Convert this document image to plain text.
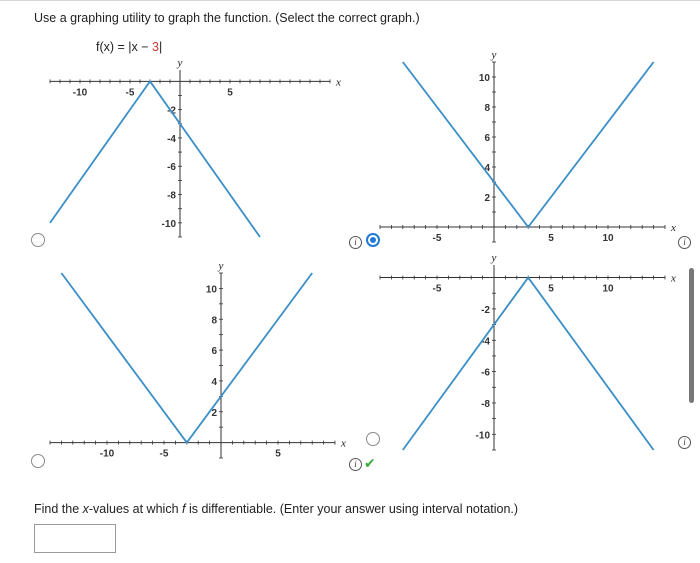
Use a graphing utility to graph the function. (Select the correct graph.)
f(x) = |x − 3|
-10	-5	5
-2
-4
-6
-8
-10
x
y
i	-5	5	10
2
4
6
8
10
x
y
i
-10	-5	5
2
4
6
8
10
x
y
i ✔
-5	5	10
-2
-4
-6
-8
-10
x
y
i
Find the x-values at which f is differentiable. (Enter your answer using interval notation.)
